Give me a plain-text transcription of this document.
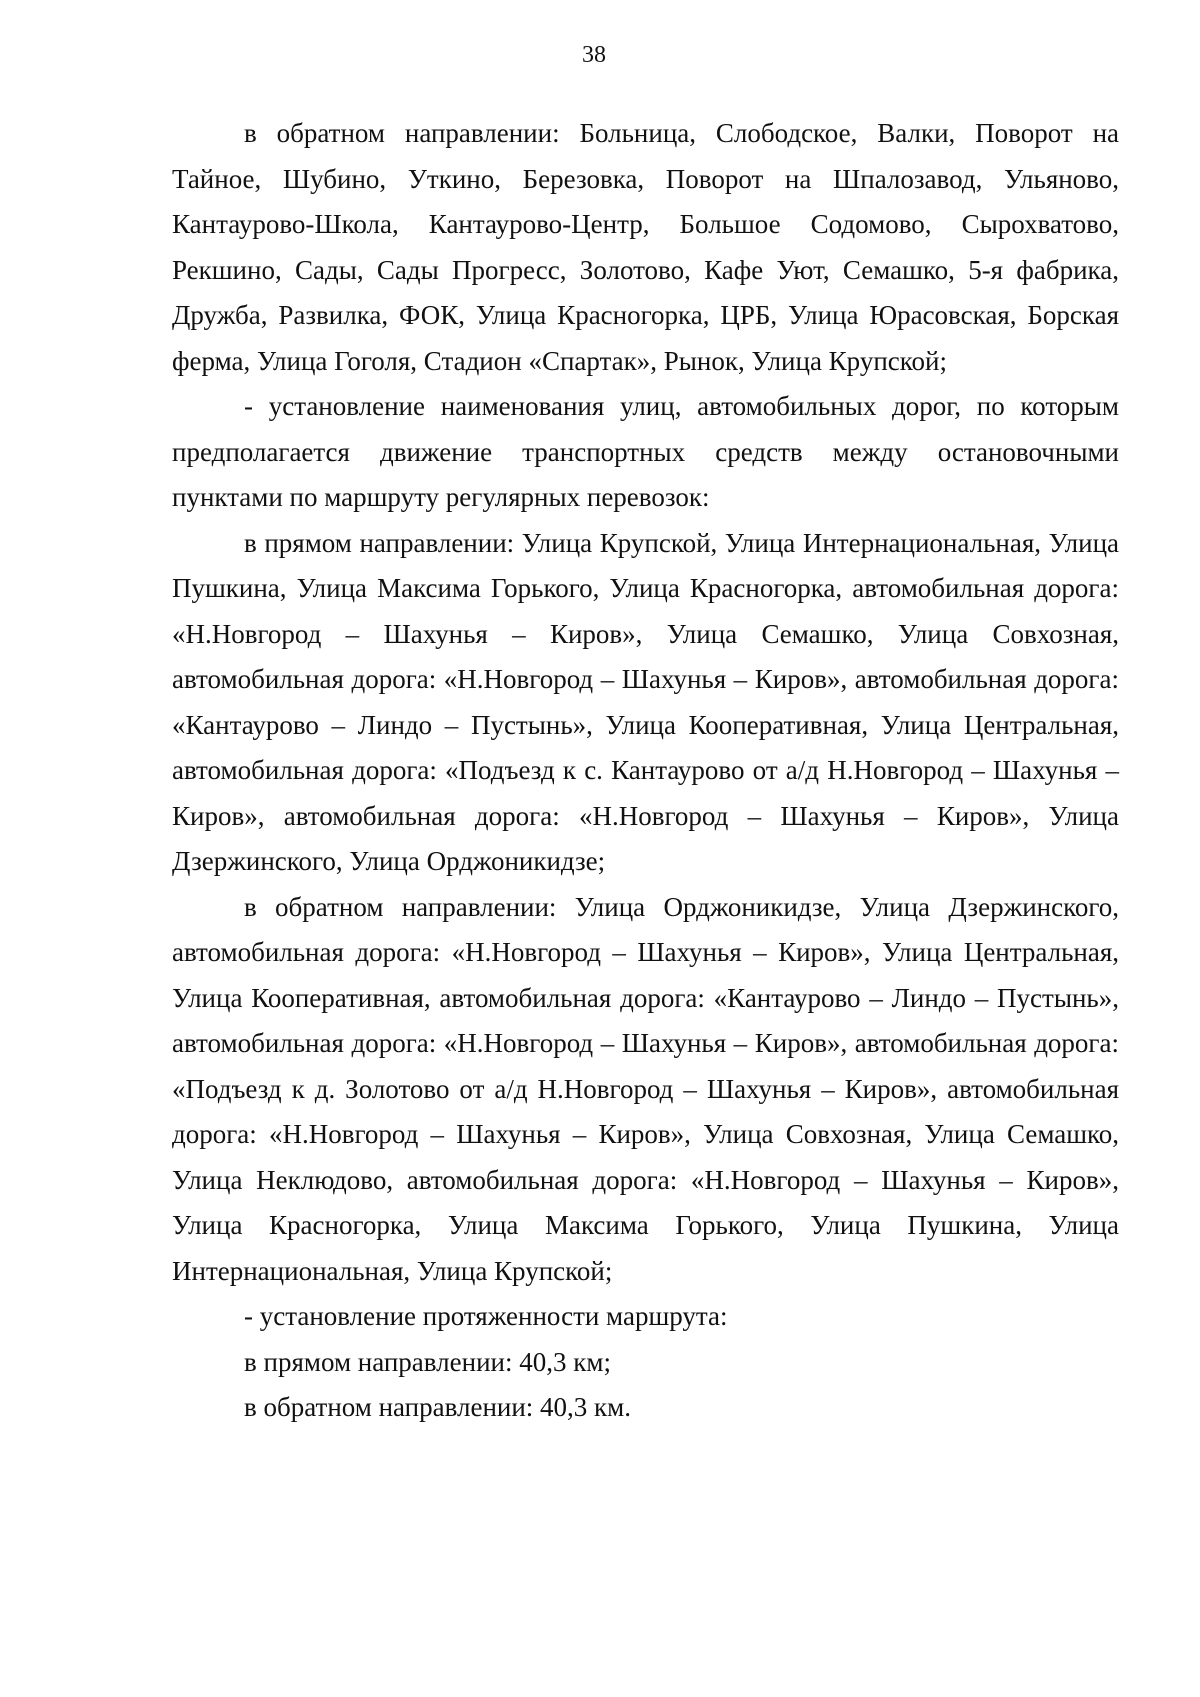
38

в обратном направлении: Больница, Слободское, Валки, Поворот на Тайное, Шубино, Уткино, Березовка, Поворот на Шпалозавод, Ульяново, Кантаурово-Школа, Кантаурово-Центр, Большое Содомово, Сырохватово, Рекшино, Сады, Сады Прогресс, Золотово, Кафе Уют, Семашко, 5-я фабрика, Дружба, Развилка, ФОК, Улица Красногорка, ЦРБ, Улица Юрасовская, Борская ферма, Улица Гоголя, Стадион «Спартак», Рынок, Улица Крупской;

- установление наименования улиц, автомобильных дорог, по которым предполагается движение транспортных средств между остановочными пунктами по маршруту регулярных перевозок:

в прямом направлении: Улица Крупской, Улица Интернациональная, Улица Пушкина, Улица Максима Горького, Улица Красногорка, автомобильная дорога: «Н.Новгород – Шахунья – Киров», Улица Семашко, Улица Совхозная, автомобильная дорога: «Н.Новгород – Шахунья – Киров», автомобильная дорога: «Кантаурово – Линдо – Пустынь», Улица Кооперативная, Улица Центральная, автомобильная дорога: «Подъезд к с. Кантаурово от а/д Н.Новгород – Шахунья – Киров», автомобильная дорога: «Н.Новгород – Шахунья – Киров», Улица Дзержинского, Улица Орджоникидзе;

в обратном направлении: Улица Орджоникидзе, Улица Дзержинского, автомобильная дорога: «Н.Новгород – Шахунья – Киров», Улица Центральная, Улица Кооперативная, автомобильная дорога: «Кантаурово – Линдо – Пустынь», автомобильная дорога: «Н.Новгород – Шахунья – Киров», автомобильная дорога: «Подъезд к д. Золотово от а/д Н.Новгород – Шахунья – Киров», автомобильная дорога: «Н.Новгород – Шахунья – Киров», Улица Совхозная, Улица Семашко, Улица Неклюдово, автомобильная дорога: «Н.Новгород – Шахунья – Киров», Улица Красногорка, Улица Максима Горького, Улица Пушкина, Улица Интернациональная, Улица Крупской;

- установление протяженности маршрута:

в прямом направлении: 40,3 км;

в обратном направлении: 40,3 км.
